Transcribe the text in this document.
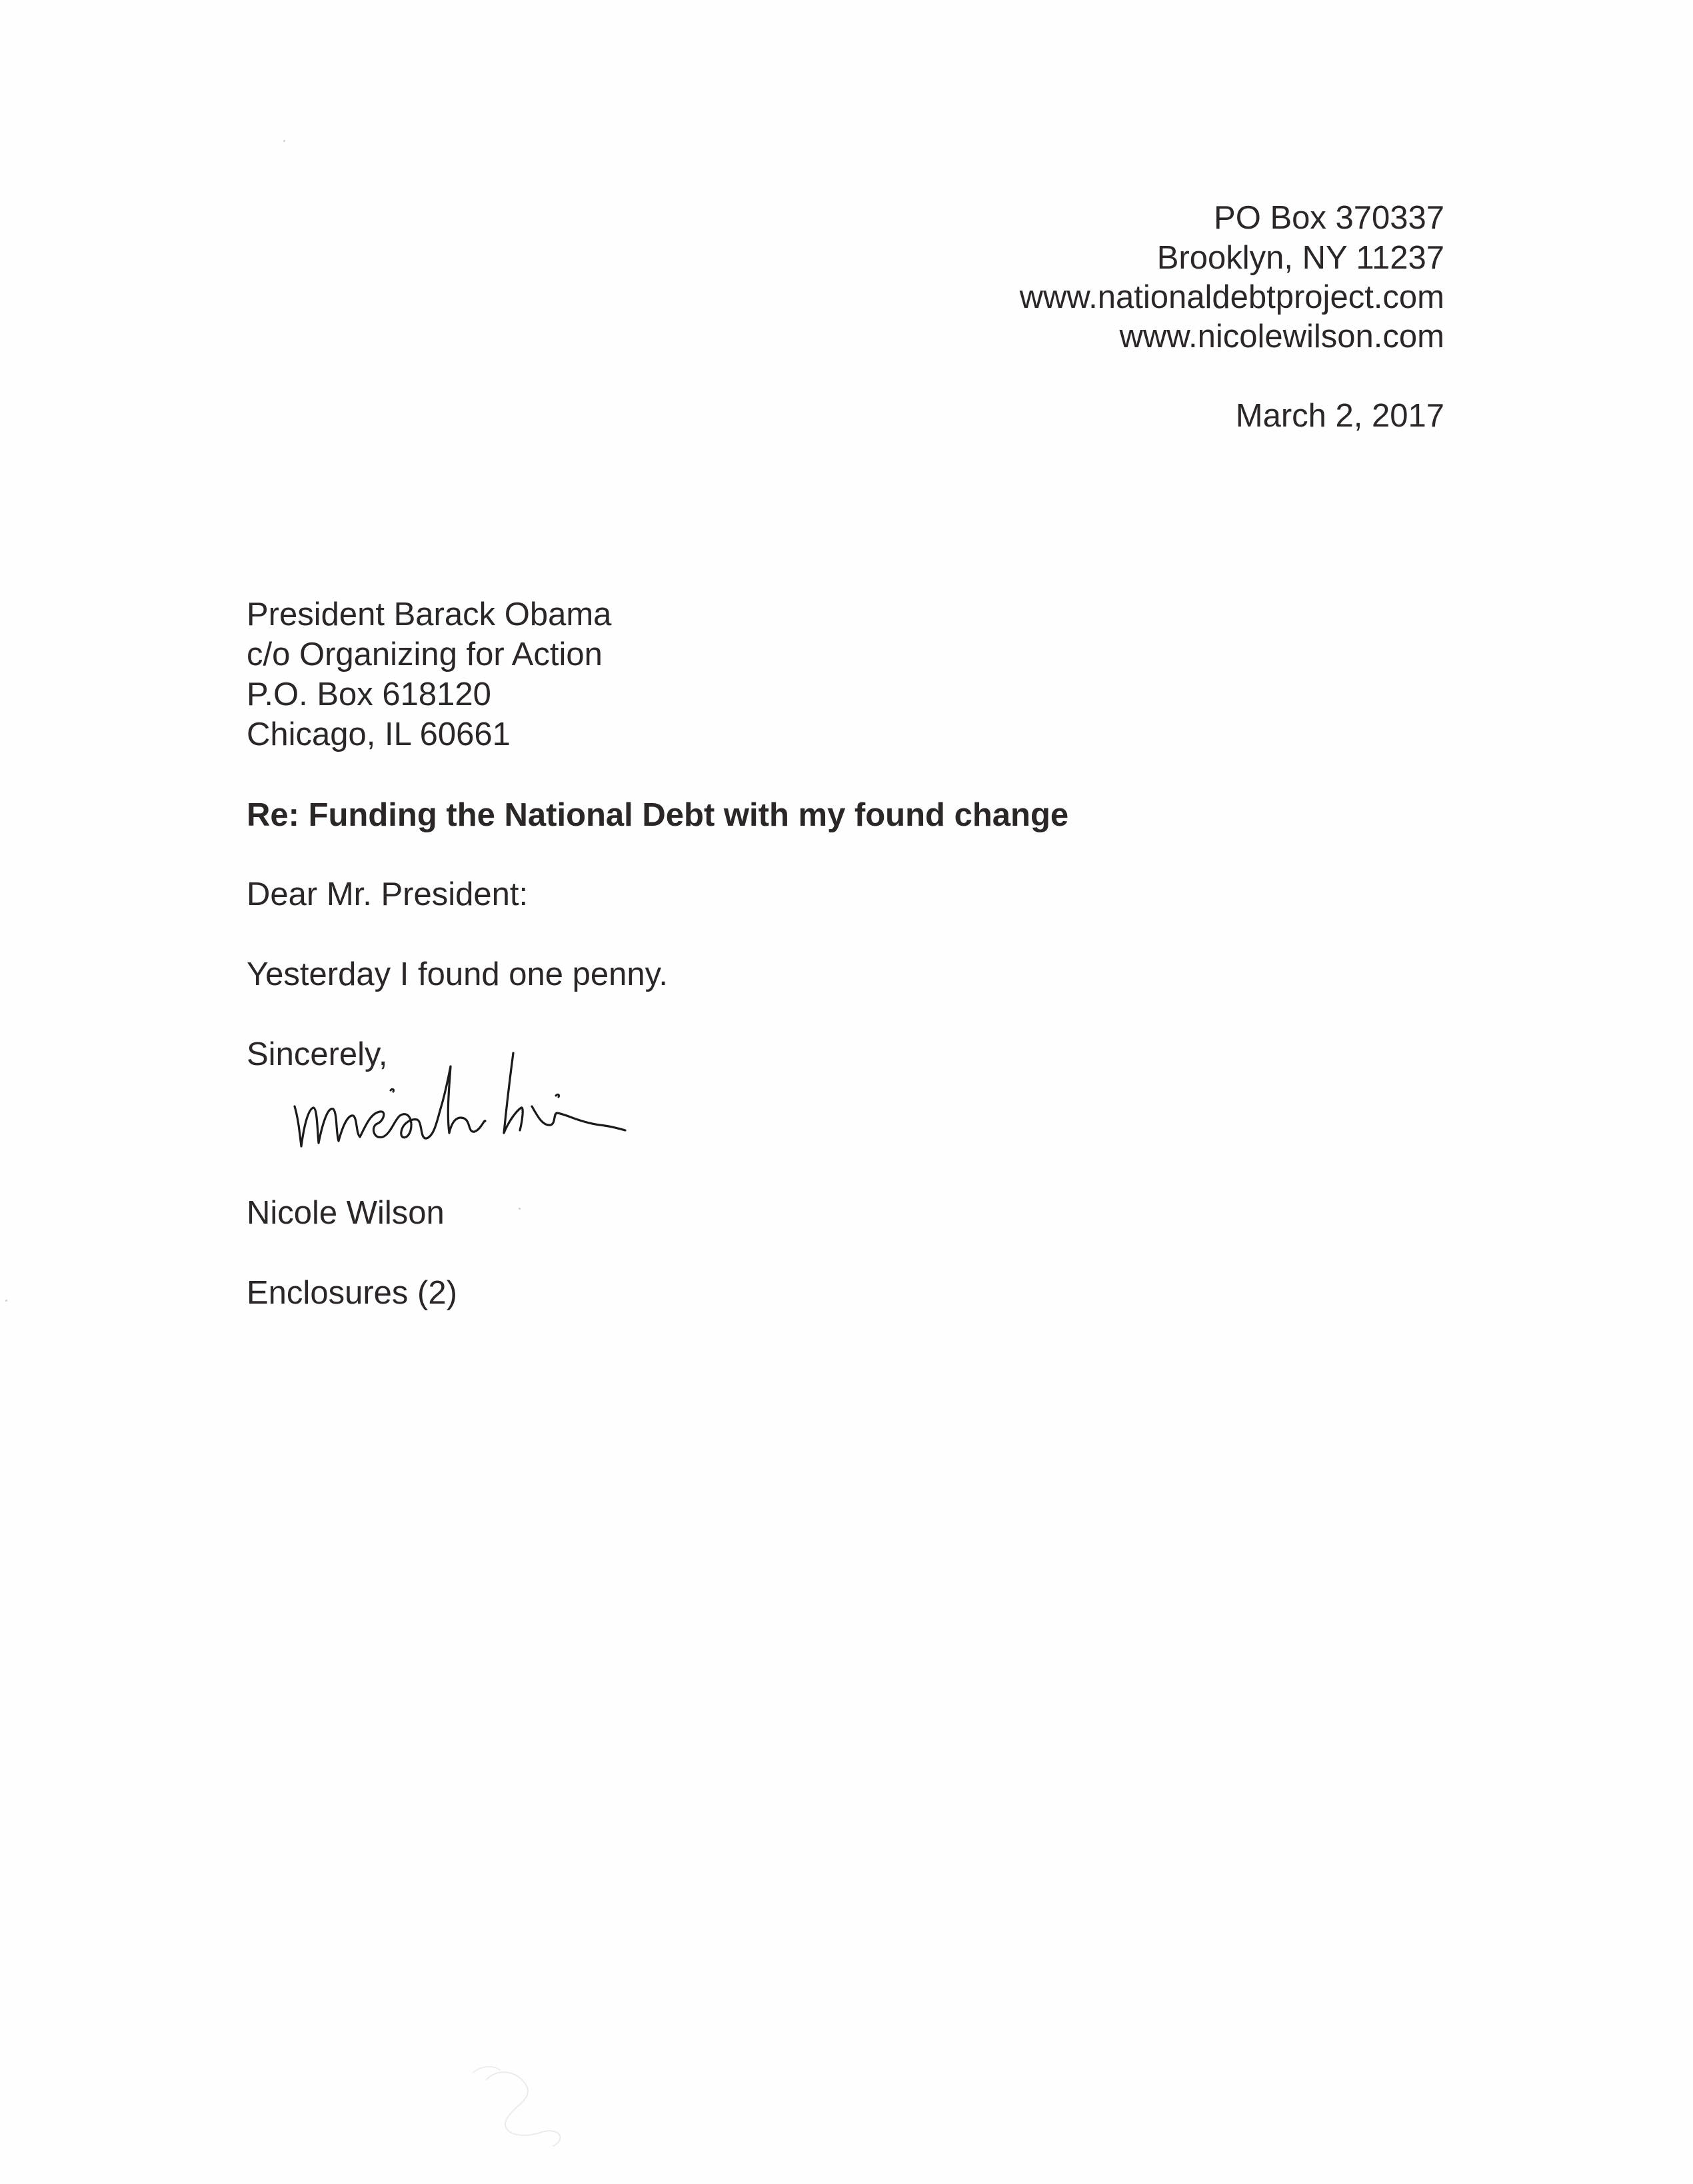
PO Box 370337
Brooklyn, NY 11237
www.nationaldebtproject.com
www.nicolewilson.com
March 2, 2017
President Barack Obama
c/o Organizing for Action
P.O. Box 618120
Chicago, IL 60661
Re: Funding the National Debt with my found change
Dear Mr. President:
Yesterday I found one penny.
Sincerely,
Nicole Wilson
Enclosures (2)
